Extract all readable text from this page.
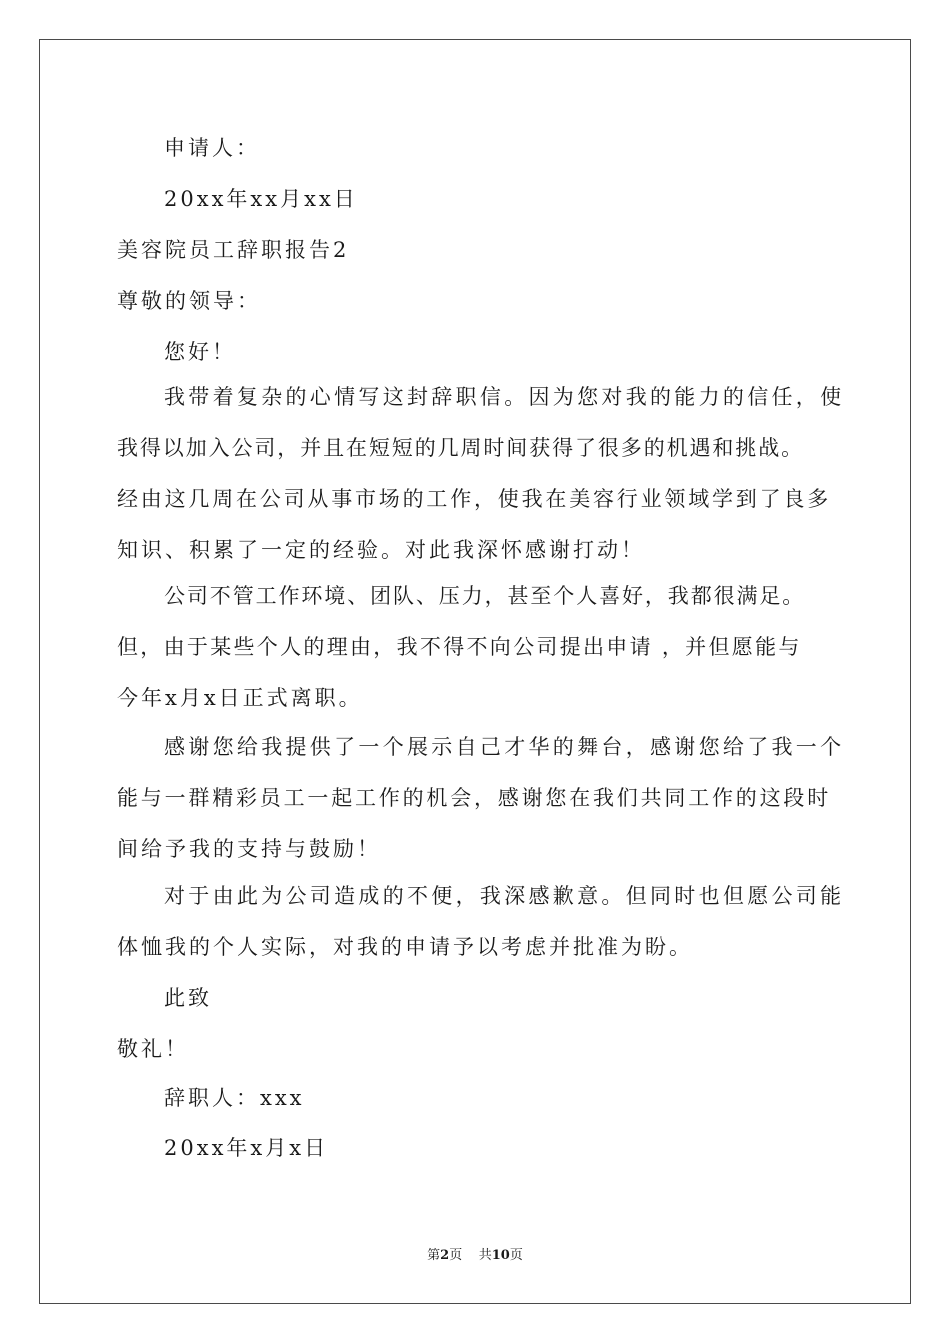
申请人：
20xx年xx月xx日
美容院员工辞职报告2
尊敬的领导：
您好！
我带着复杂的心情写这封辞职信。因为您对我的能力的信任，使
我得以加入公司，并且在短短的几周时间获得了很多的机遇和挑战。
经由这几周在公司从事市场的工作，使我在美容行业领域学到了良多
知识、积累了一定的经验。对此我深怀感谢打动！
公司不管工作环境、团队、压力，甚至个人喜好，我都很满足。
但，由于某些个人的理由，我不得不向公司提出申请 ，并但愿能与
今年x月x日正式离职。
感谢您给我提供了一个展示自己才华的舞台，感谢您给了我一个
能与一群精彩员工一起工作的机会，感谢您在我们共同工作的这段时
间给予我的支持与鼓励！
对于由此为公司造成的不便，我深感歉意。但同时也但愿公司能
体恤我的个人实际，对我的申请予以考虑并批准为盼。
此致
敬礼！
辞职人：xxx
20xx年x月x日
第2页 共10页
